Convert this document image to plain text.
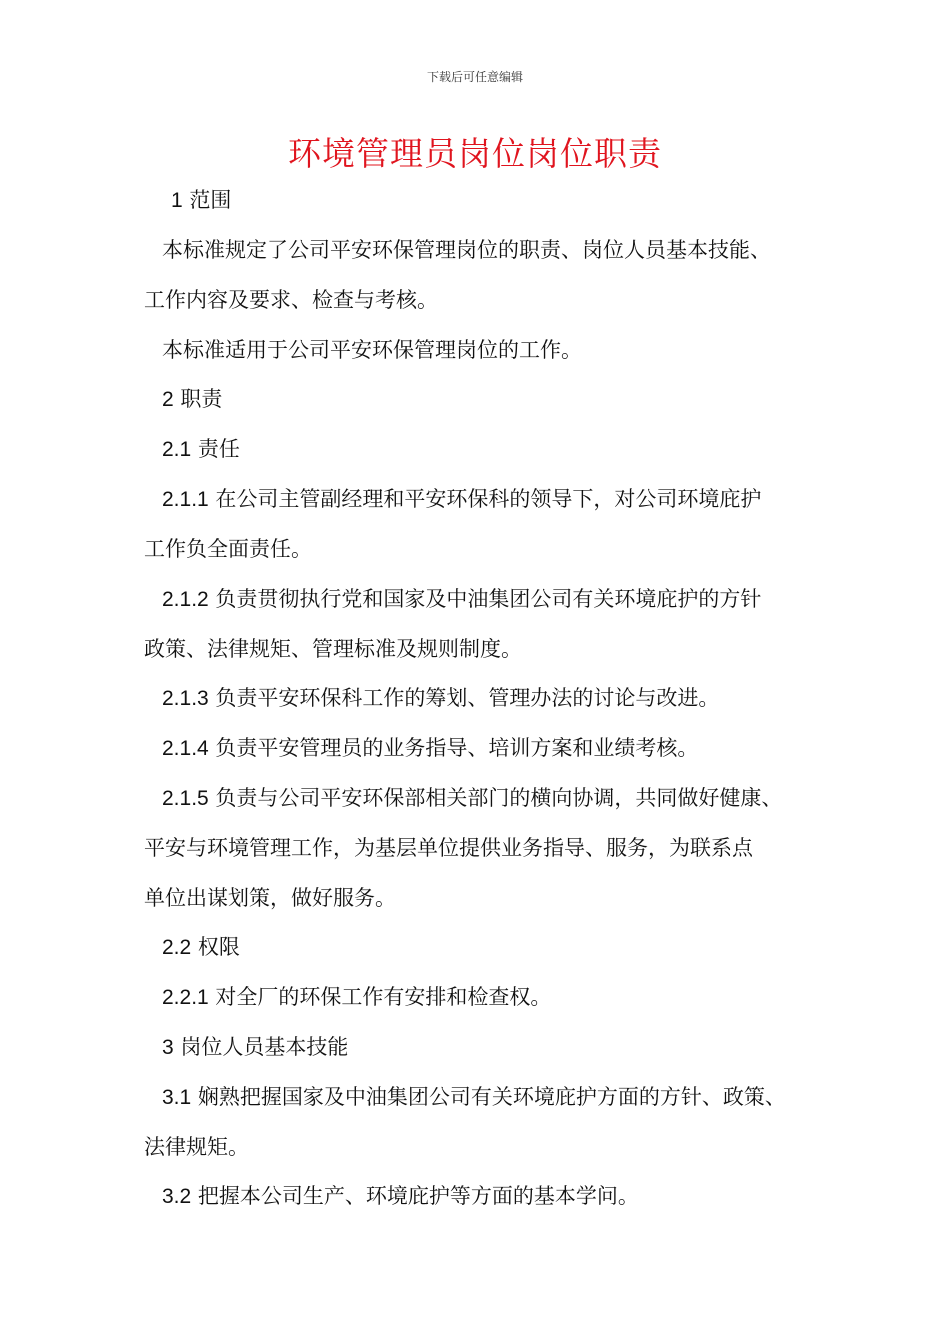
下载后可任意编辑
环境管理员岗位岗位职责
1 范围
本标准规定了公司平安环保管理岗位的职责、岗位人员基本技能、
工作内容及要求、检查与考核。
本标准适用于公司平安环保管理岗位的工作。
2 职责
2.1 责任
2.1.1 在公司主管副经理和平安环保科的领导下，对公司环境庇护
工作负全面责任。
2.1.2 负责贯彻执行党和国家及中油集团公司有关环境庇护的方针
政策、法律规矩、管理标准及规则制度。
2.1.3 负责平安环保科工作的筹划、管理办法的讨论与改进。
2.1.4 负责平安管理员的业务指导、培训方案和业绩考核。
2.1.5 负责与公司平安环保部相关部门的横向协调，共同做好健康、
平安与环境管理工作，为基层单位提供业务指导、服务，为联系点
单位出谋划策，做好服务。
2.2 权限
2.2.1 对全厂的环保工作有安排和检查权。
3 岗位人员基本技能
3.1 娴熟把握国家及中油集团公司有关环境庇护方面的方针、政策、
法律规矩。
3.2 把握本公司生产、环境庇护等方面的基本学问。
